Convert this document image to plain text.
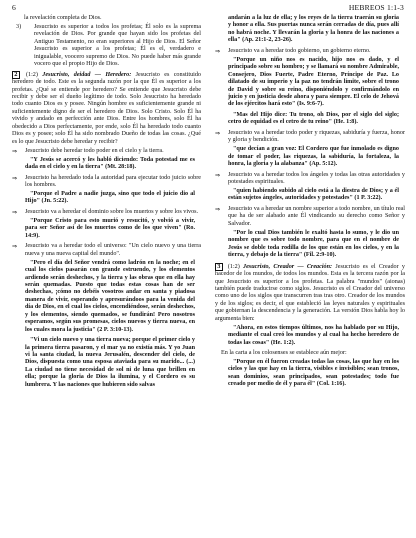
6	HEBREOS 1:1-3

la revelación completa de Dios.

3) Jesucristo es superior a todos los profetas; Él solo es la suprema revelación de Dios. Por grande que hayan sido los profetas del Antiguo Testamento, no eran superiores al Hijo de Dios. El Señor Jesucristo es superior a los profetas; Él es el, verdadero e inigualable, voocero supremo de Dios. No puede haber más grande vocero que el propio Hijo de Dios.

2 (1:2) Jesucristo, deidad — Heredero: Jesucristo es constituido heredero de todo. Este es la segunda razón por la que Él es superior a los profetas. ¿Qué se entiende por heredero? Se entiende que Jesucristo debe recibir y debe ser el dueño legítimo de todo. Solo Jesucristo ha heredado todo cuanto Dios es y posee. Ningún hombre es suficientemente grande ni suficientemente digno de ser el heredero de Dios. Solo Cristo. Solo Él ha vivido y andado en perfección ante Dios. Entre los hombres, solo Él ha obedecido a Dios perfectamente, por ende, solo Él ha heredado todo cuanto Dios es y posee; solo Él ha sido nombrado Dueño de todas las cosas. ¿Qué es lo que Jesucristo debe heredar y recibir?

⇒ Jesucristo debe heredar todo poder en el cielo y la tierra.

"Y Jesús se acercó y les habló diciendo: Toda potestad me es dada en el cielo y en la tierra" (Mt. 28:18).

⇒ Jesucristo ha heredado toda la autoridad para ejecutar todo juicio sobre los hombres.

"Porque el Padre a nadie juzga, sino que todo el juicio dio al Hijo" (Jn. 5:22).

⇒ Jesucristo va a heredar el dominio sobre los muertos y sobre los vivos.

"Porque Cristo para esto murió y resucitó, y volvió a vivir, para ser Señor así de los muertos como de los que viven" (Ro. 14:9).

⇒ Jesucristo va a heredar todo el universo: "Un cielo nuevo y una tierra nueva y una nueva capital del mundo".

"Pero el día del Señor vendrá como ladrón en la noche; en el cual los cielos pasarán con grande estruendo, y los elementos ardiendo serán deshechos, y la tierra y las obras que en ella hay serán quemadas. Puesto que todas estas cosas han de ser deshechas, ¡cómo no debéis vosotros andar en santa y piadosa manera de vivir, esperando y apresurándoos para la venida del día de Dios, en el cual los cielos, encendiéndose, serán deshechos, y los elementos, siendo quemados, se fundirán! Pero nosotros esperamos, según sus promesas, cielos nuevos y tierra nueva, en los cuales mora la justicia" (2 P. 3:10-13).

"Vi un cielo nuevo y una tierra nueva; porque el primer cielo y la primera tierra pasaron, y el mar ya no existía más. Y yo Juan vi la santa ciudad, la nueva Jerusalén, descender del cielo, de Dios, dispuesta como una esposa ataviada para su marido... (...) La ciudad no tiene necesidad de sol ni de luna que brillen en ella; porque la gloria de Dios la ilumina, y el Cordero es su lumbrera. Y las naciones que hubieren sido salvas

andarán a la luz de ella; y los reyes de la tierra traerán su gloria y honor a ella. Sus puertas nunca serán cerradas de día, pues allí no habrá noche. Y llevarán la gloria y la honra de las naciones a ella" (Ap. 21:1-2, 23-26).

⇒ Jesucristo va a heredar todo gobierno, un gobierno eterno.

"Porque un niño nos es nacido, hijo nos es dado, y el principado sobre su hombro; y se llamará su nombre Admirable, Consejero, Dios Fuerte, Padre Eterno, Príncipe de Paz. Lo dilatado de su imperio y la paz no tendrán límite, sobre el trono de David y sobre su reino, disponiéndolo y confirmándolo en juicio y en justicia desde ahora y para siempre. El celo de Jehová de los ejércitos hará esto" (Is. 9:6-7).

"Mas del Hijo dice: Tu trono, oh Dios, por el siglo del siglo; cetro de equidad es el cetro de tu reino" (He. 1:8).

⇒ Jesucristo va a heredar todo poder y riquezas, sabiduría y fuerza, honor y gloria y bendición.

"que decían a gran voz: El Cordero que fue inmolado es digno de tomar el poder, las riquezas, la sabiduría, la fortaleza, la honra, la gloria y la alabanza" (Ap. 5:12).

⇒ Jesucristo va a heredar todos los ángeles y todas las otras autoridades y potestades espirituales.

"quien habiendo subido al cielo está a la diestra de Dios; y a él están sujetos ángeles, autoridades y potestades" (1 P. 3:22).

⇒ Jesucristo va a heredar un nombre superior a todo nombre, un título real que ha de ser alabado ante Él vindicando su derecho como Señor y Salvador.

"Por lo cual Dios también le exaltó hasta lo sumo, y le dio un nombre que es sobre todo nombre, para que en el nombre de Jesús se doble toda rodilla de los que están en los cielos, y en la tierra, y debajo de la tierra" (Fil. 2:9-10).

3 (1:2) Jesucristo, Creador — Creación: Jesucristo es el Creador y hacedor de los mundos, de todos los mundos. Esta es la tercera razón por la que Jesucristo es superior a los profetas. La palabra "mundos" (aionas) también puede traducirse como siglos. Jesucristo es el Creador del universo como uno de los siglos que transcurren tras tras otro. Creador de los mundos y de los siglos; es decir, el que estableció las leyes naturales y espirituales que gobiernan la descendencia y la generación. La versión Dios habla hoy lo argumenta bien:

"Ahora, en estos tiempos últimos, nos ha hablado por su Hijo, mediante el cual creó los mundos y al cual ha hecho heredero de todas las cosas" (He. 1:2).

En la carta a los colosenses se establece aún mejor:

"Porque en él fueron creadas todas las cosas, las que hay en los cielos y las que hay en la tierra, visibles e invisibles; sean tronos, sean dominios, sean principados, sean potestades; todo fue creado por medio de él y para él" (Col. 1:16).
